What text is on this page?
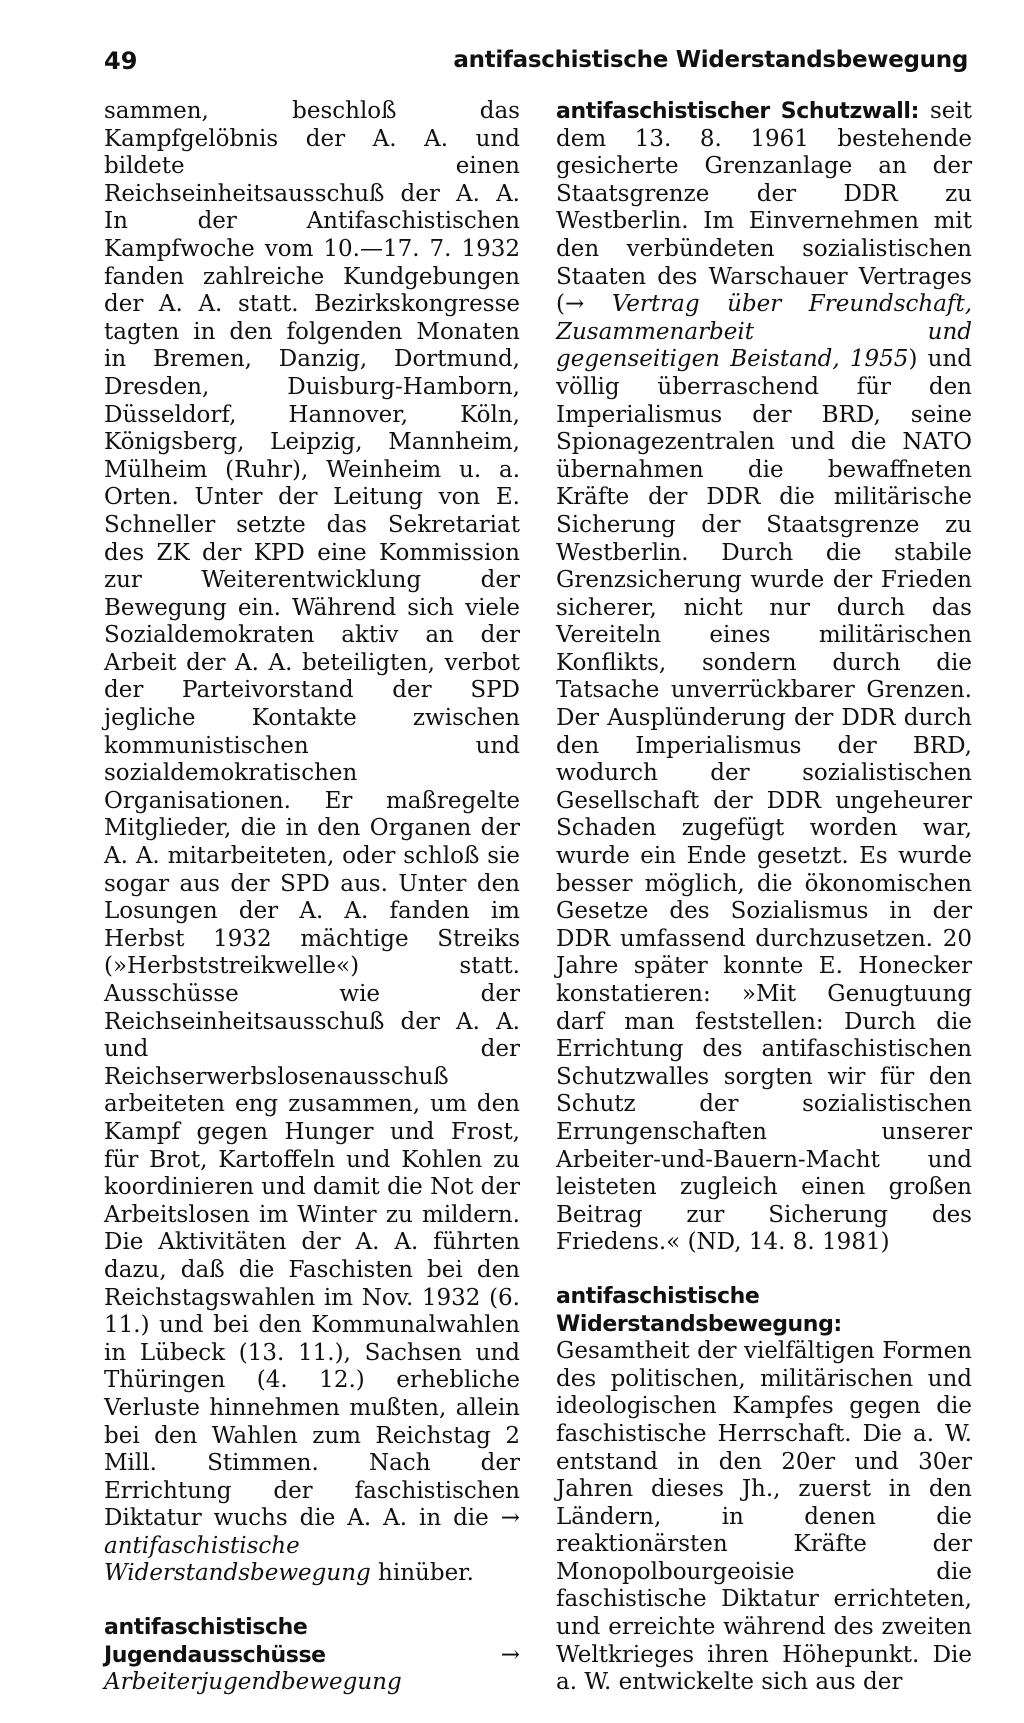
49	antifaschistische Widerstandsbewegung

sammen, beschloß das Kampfgelöbnis der A. A. und bildete einen Reichseinheitsausschuß der A. A. In der Antifaschistischen Kampfwoche vom 10.—17. 7. 1932 fanden zahlreiche Kundgebungen der A. A. statt. Bezirkskongresse tagten in den folgenden Monaten in Bremen, Danzig, Dortmund, Dresden, Duisburg-Hamborn, Düsseldorf, Hannover, Köln, Königsberg, Leipzig, Mannheim, Mülheim (Ruhr), Weinheim u. a. Orten. Unter der Leitung von E. Schneller setzte das Sekretariat des ZK der KPD eine Kommission zur Weiterentwicklung der Bewegung ein. Während sich viele Sozialdemokraten aktiv an der Arbeit der A. A. beteiligten, verbot der Parteivorstand der SPD jegliche Kontakte zwischen kommunistischen und sozialdemokratischen Organisationen. Er maßregelte Mitglieder, die in den Organen der A. A. mitarbeiteten, oder schloß sie sogar aus der SPD aus. Unter den Losungen der A. A. fanden im Herbst 1932 mächtige Streiks (»Herbststreikwelle«) statt. Ausschüsse wie der Reichseinheitsausschuß der A. A. und der Reichserwerbslosenausschuß arbeiteten eng zusammen, um den Kampf gegen Hunger und Frost, für Brot, Kartoffeln und Kohlen zu koordinieren und damit die Not der Arbeitslosen im Winter zu mildern. Die Aktivitäten der A. A. führten dazu, daß die Faschisten bei den Reichstagswahlen im Nov. 1932 (6. 11.) und bei den Kommunalwahlen in Lübeck (13. 11.), Sachsen und Thüringen (4. 12.) erhebliche Verluste hinnehmen mußten, allein bei den Wahlen zum Reichstag 2 Mill. Stimmen. Nach der Errichtung der faschistischen Diktatur wuchs die A. A. in die → antifaschistische Widerstandsbewegung hinüber.

antifaschistische Jugendausschüsse	→ Arbeiterjugendbewegung

antifaschistischer Schutzwall: seit dem 13. 8. 1961 bestehende gesicherte Grenzanlage an der Staatsgrenze der DDR zu Westberlin. Im Einvernehmen mit den verbündeten sozialistischen Staaten des Warschauer Vertrages (→ Vertrag über Freundschaft, Zusammenarbeit und gegenseitigen Beistand, 1955) und völlig überraschend für den Imperialismus der BRD, seine Spionagezentralen und die NATO übernahmen die bewaffneten Kräfte der DDR die militärische Sicherung der Staatsgrenze zu Westberlin. Durch die stabile Grenzsicherung wurde der Frieden sicherer, nicht nur durch das Vereiteln eines militärischen Konflikts, sondern durch die Tatsache unverrückbarer Grenzen. Der Ausplünderung der DDR durch den Imperialismus der BRD, wodurch der sozialistischen Gesellschaft der DDR ungeheurer Schaden zugefügt worden war, wurde ein Ende gesetzt. Es wurde besser möglich, die ökonomischen Gesetze des Sozialismus in der DDR umfassend durchzusetzen. 20 Jahre später konnte E. Honecker konstatieren: »Mit Genugtuung darf man feststellen: Durch die Errichtung des antifaschistischen Schutzwalles sorgten wir für den Schutz der sozialistischen Errungenschaften unserer Arbeiter-und-Bauern-Macht und leisteten zugleich einen großen Beitrag zur Sicherung des Friedens.« (ND, 14. 8. 1981)

antifaschistische Widerstandsbewegung: Gesamtheit der vielfältigen Formen des politischen, militärischen und ideologischen Kampfes gegen die faschistische Herrschaft. Die a. W. entstand in den 20er und 30er Jahren dieses Jh., zuerst in den Ländern, in denen die reaktionärsten Kräfte der Monopolbourgeoisie die faschistische Diktatur errichteten, und erreichte während des zweiten Weltkrieges ihren Höhepunkt. Die a. W. entwickelte sich aus der
